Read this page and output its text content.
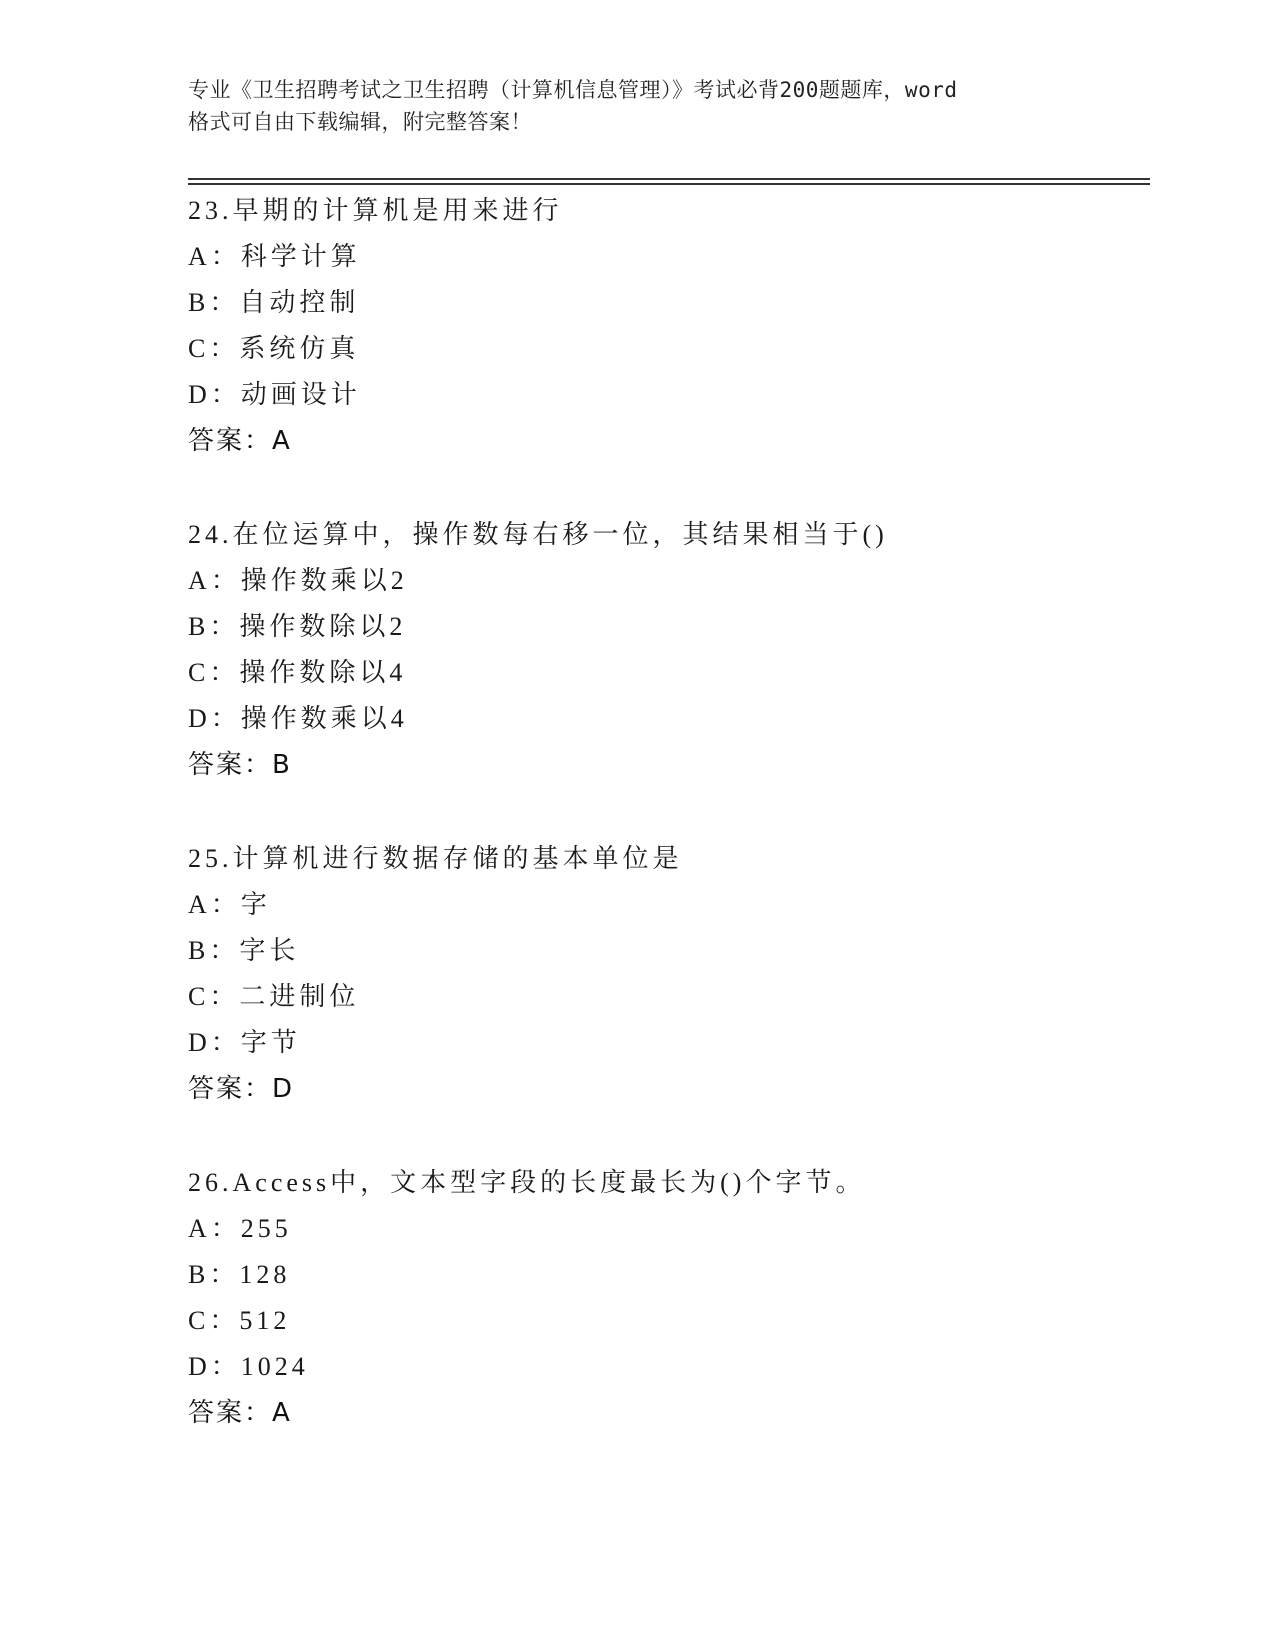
专业《卫生招聘考试之卫生招聘（计算机信息管理）》考试必背200题题库，word
格式可自由下载编辑，附完整答案！
23.早期的计算机是用来进行
A：科学计算
B：自动控制
C：系统仿真
D：动画设计
答案：A
24.在位运算中，操作数每右移一位，其结果相当于()
A：操作数乘以2
B：操作数除以2
C：操作数除以4
D：操作数乘以4
答案：B
25.计算机进行数据存储的基本单位是
A：字
B：字长
C：二进制位
D：字节
答案：D
26.Access中，文本型字段的长度最长为()个字节。
A：255
B：128
C：512
D：1024
答案：A
